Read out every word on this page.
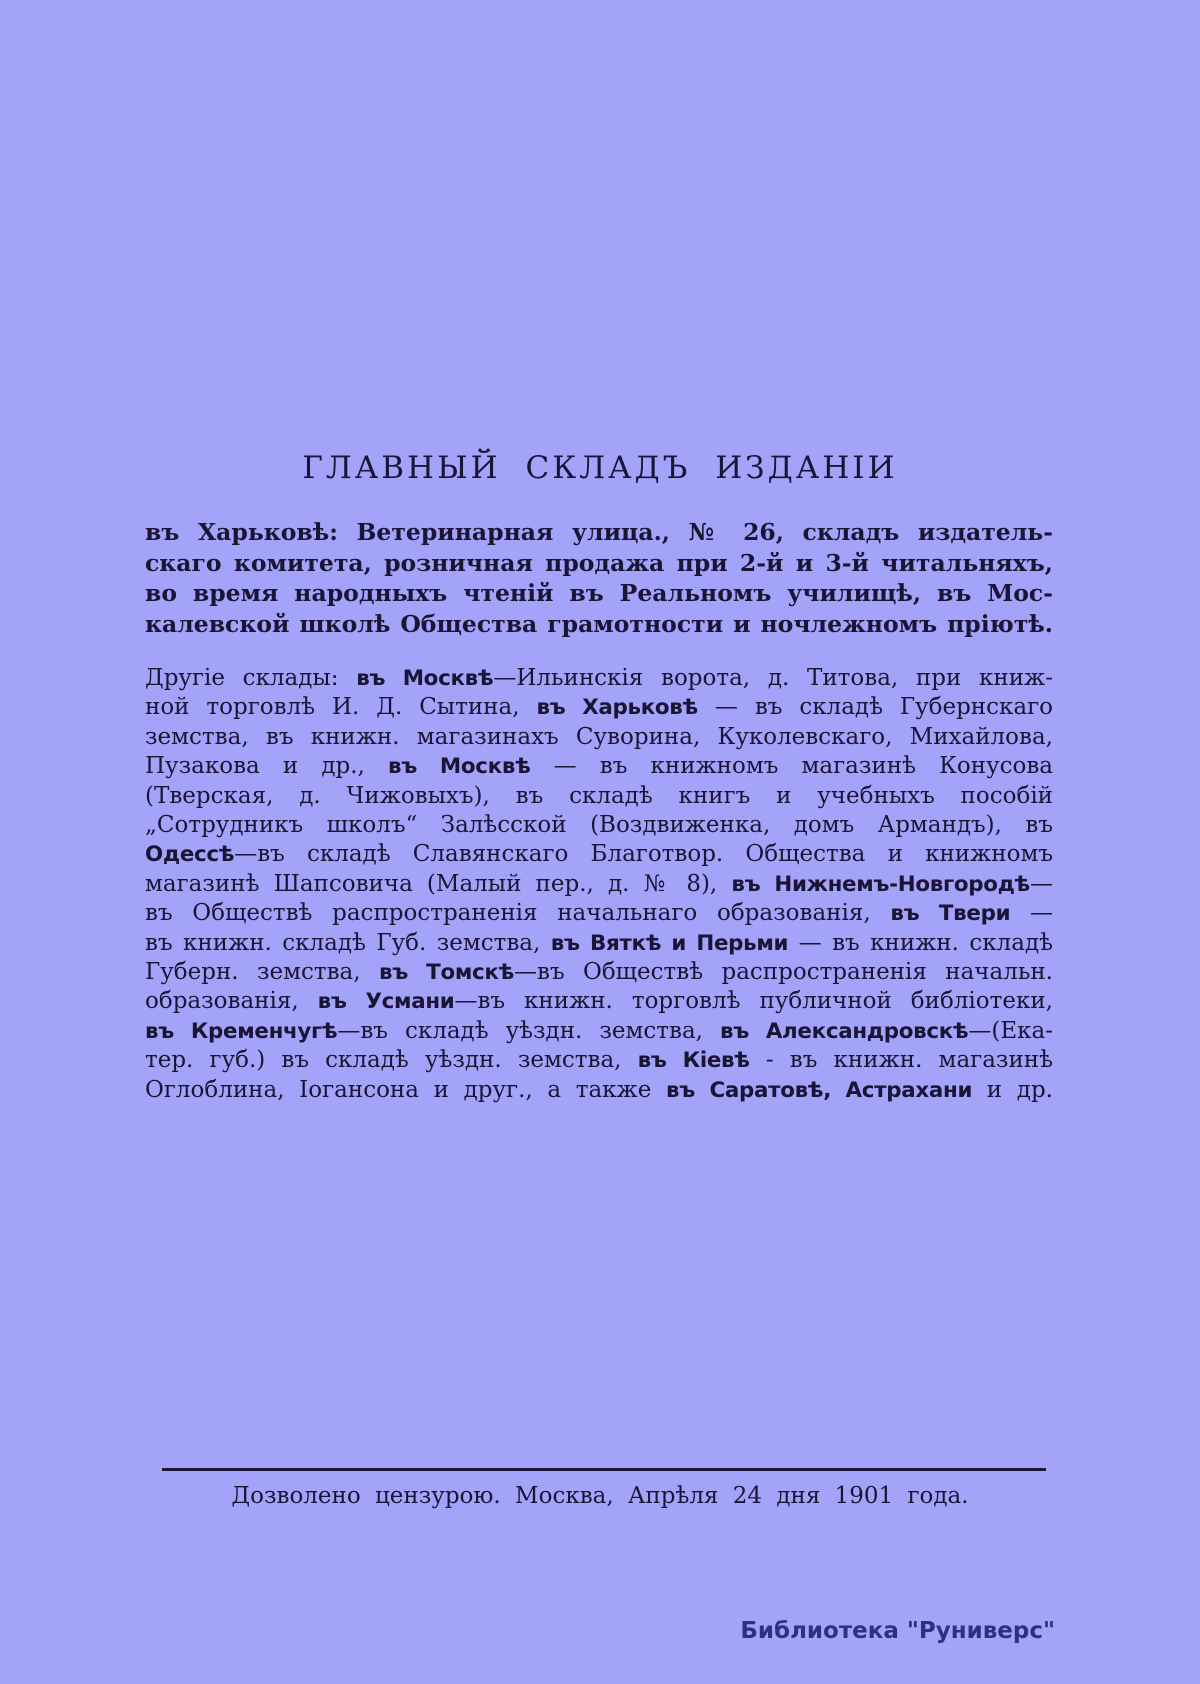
ГЛАВНЫЙ СКЛАДЪ ИЗДАНІИ
въ Харьковѣ: Ветеринарная улица., № 26, складъ издатель-
скаго комитета, розничная продажа при 2-й и 3-й читальняхъ,
во время народныхъ чтеній въ Реальномъ училищѣ, въ Мос-
калевской школѣ Общества грамотности и ночлежномъ пріютѣ.
Другіе склады: въ Москвѣ—Ильинскія ворота, д. Титова, при книж-
ной торговлѣ И. Д. Сытина, въ Харьковѣ — въ складѣ Губернскаго
земства, въ книжн. магазинахъ Суворина, Куколевскаго, Михайлова,
Пузакова и др., въ Москвѣ — въ книжномъ магазинѣ Конусова
(Тверская, д. Чижовыхъ), въ складѣ книгъ и учебныхъ пособій
„Сотрудникъ школъ“ Залѣсской (Воздвиженка, домъ Армандъ), въ
Одессѣ—въ складѣ Славянскаго Благотвор. Общества и книжномъ
магазинѣ Шапсовича (Малый пер., д. № 8), въ Нижнемъ-Новгородѣ—
въ Обществѣ распространенія начальнаго образованія, въ Твери —
въ книжн. складѣ Губ. земства, въ Вяткѣ и Перьми — въ книжн. складѣ
Губерн. земства, въ Томскѣ—въ Обществѣ распространенія начальн.
образованія, въ Усмани—въ книжн. торговлѣ публичной библіотеки,
въ Кременчугѣ—въ складѣ уѣздн. земства, въ Александровскѣ—(Ека-
тер. губ.) въ складѣ уѣздн. земства, въ Кіевѣ - въ книжн. магазинѣ
Оглоблина, Іогансона и друг., а также въ Саратовѣ, Астрахани и др.
Дозволено цензурою. Москва, Апрѣля 24 дня 1901 года.
Библиотека "Руниверс"
